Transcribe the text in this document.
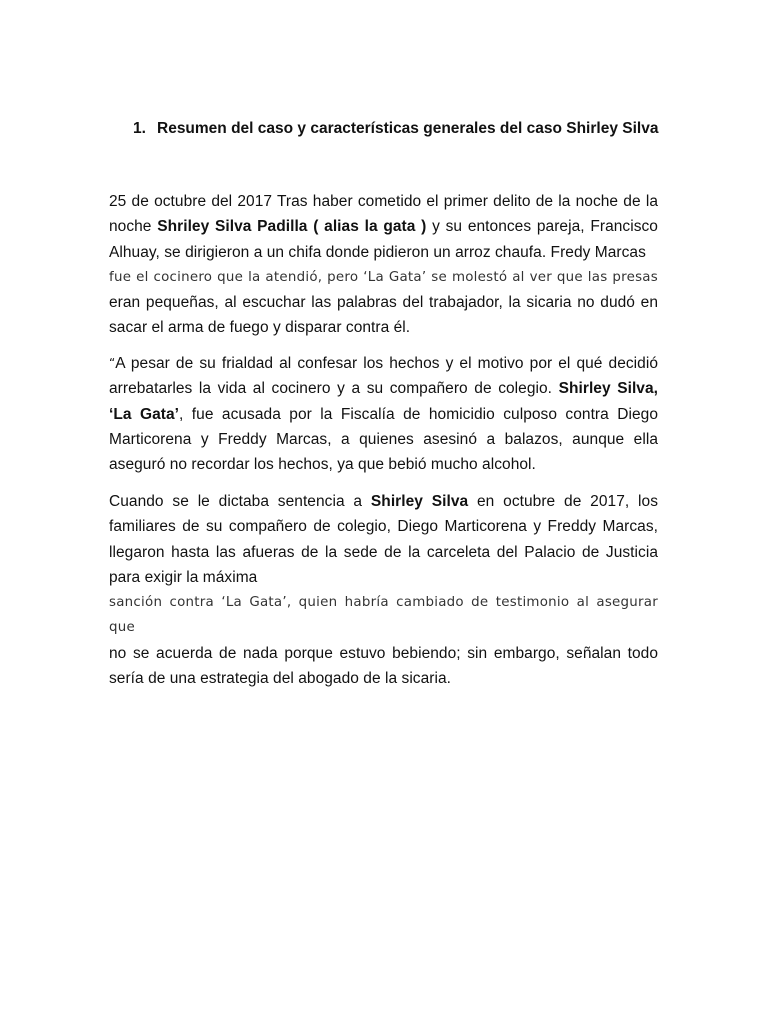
1. Resumen del caso y características generales del caso Shirley Silva

25 de octubre del 2017 Tras haber cometido el primer delito de la noche de la noche Shriley Silva Padilla ( alias la gata ) y su entonces pareja, Francisco Alhuay, se dirigieron a un chifa donde pidieron un arroz chaufa. Fredy Marcas
fue el cocinero que la atendió, pero ‘La Gata’ se molestó al ver que las presas
eran pequeñas, al escuchar las palabras del trabajador, la sicaria no dudó en sacar el arma de fuego y disparar contra él.

“A pesar de su frialdad al confesar los hechos y el motivo por el qué decidió arrebatarles la vida al cocinero y a su compañero de colegio. Shirley Silva, ‘La Gata’, fue acusada por la Fiscalía de homicidio culposo contra Diego Marticorena y Freddy Marcas, a quienes asesinó a balazos, aunque ella aseguró no recordar los hechos, ya que bebió mucho alcohol.

Cuando se le dictaba sentencia a Shirley Silva en octubre de 2017, los familiares de su compañero de colegio, Diego Marticorena y Freddy Marcas, llegaron hasta las afueras de la sede de la carceleta del Palacio de Justicia para exigir la máxima
sanción contra ‘La Gata’, quien habría cambiado de testimonio al asegurar que
no se acuerda de nada porque estuvo bebiendo; sin embargo, señalan todo sería de una estrategia del abogado de la sicaria.
